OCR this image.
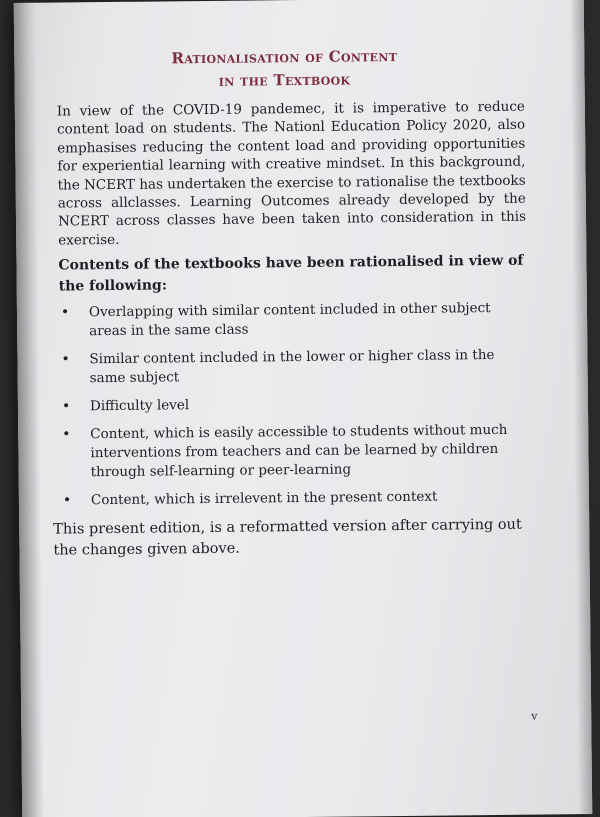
Rationalisation of Content
in the Textbook

In view of the COVID-19 pandemec, it is imperative to reduce content load on students. The Nationl Education Policy 2020, also emphasises reducing the content load and providing opportunities for experiential learning with creative mindset. In this background, the NCERT has undertaken the exercise to rationalise the textbooks across allclasses. Learning Outcomes already developed by the NCERT across classes have been taken into consideration in this exercise.

Contents of the textbooks have been rationalised in view of the following:

• Overlapping with similar content included in other subject areas in the same class
• Similar content included in the lower or higher class in the same subject
• Difficulty level
• Content, which is easily accessible to students without much interventions from teachers and can be learned by children through self-learning or peer-learning
• Content, which is irrelevent in the present context

This present edition, is a reformatted version after carrying out the changes given above.

v
